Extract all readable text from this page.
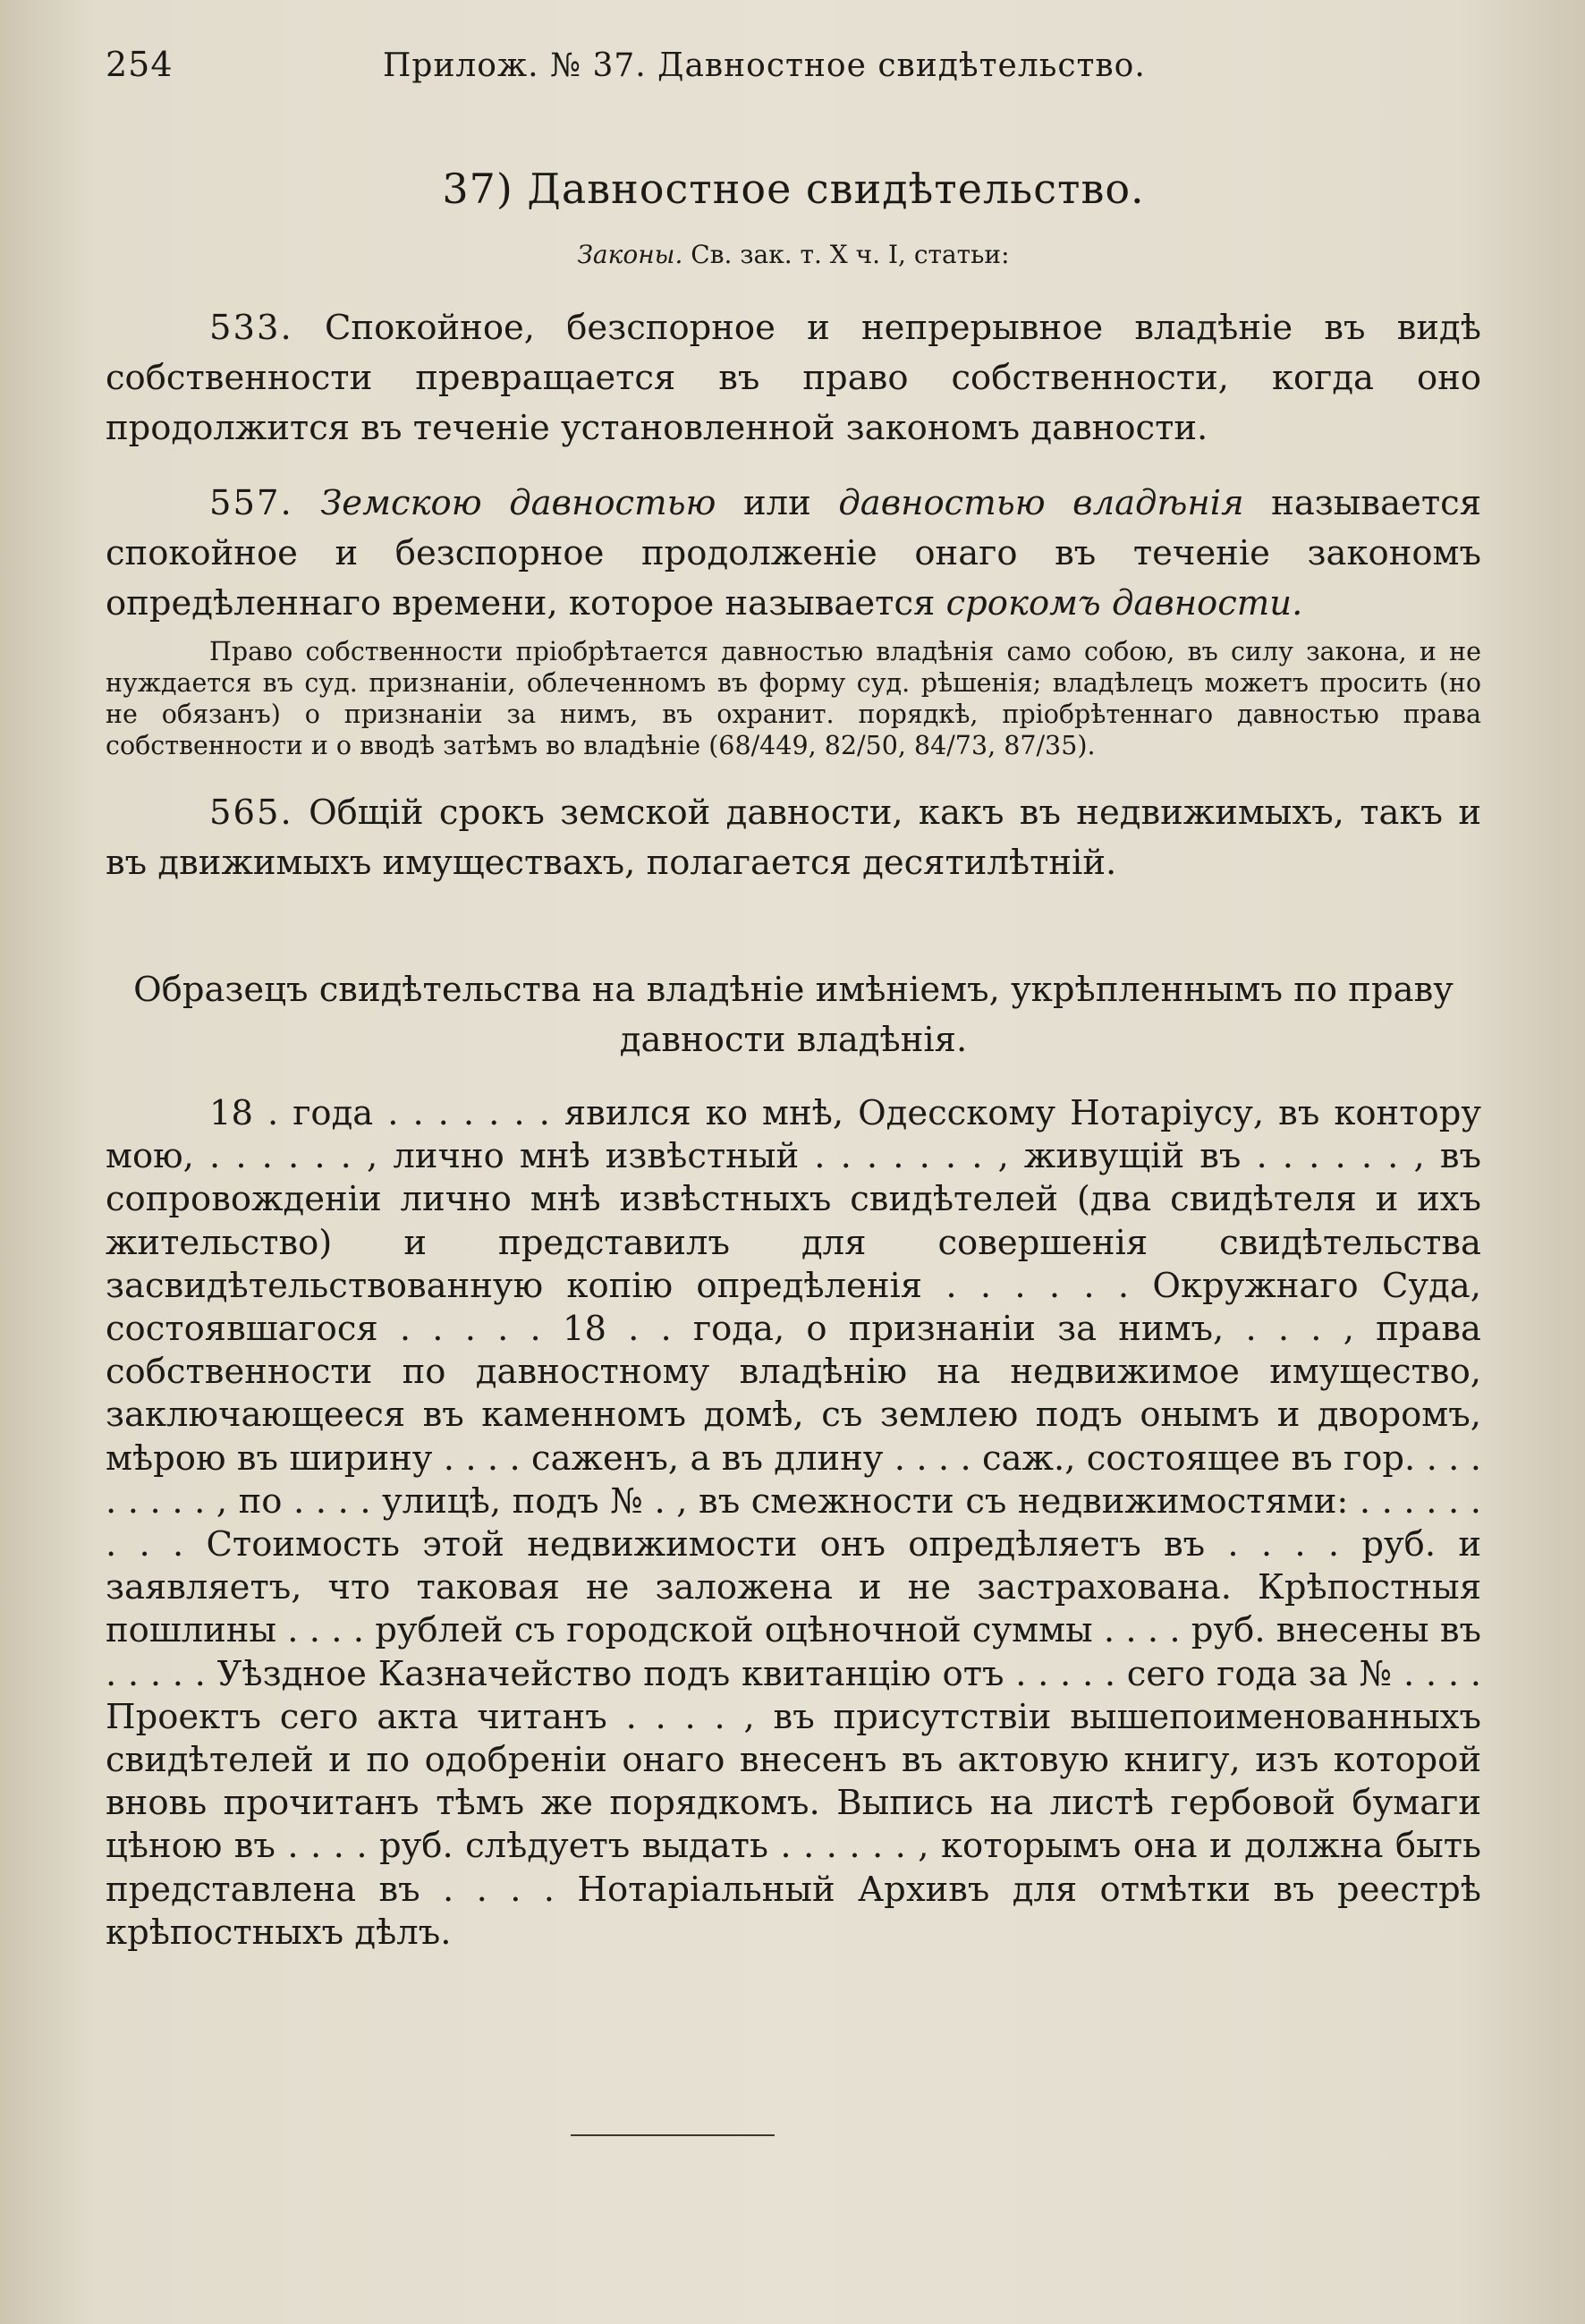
254	Прилож. № 37. Давностное свидѣтельство.
37) Давностное свидѣтельство.
Законы. Св. зак. т. X ч. I, статьи:

533. Спокойное, безспорное и непрерывное владѣніе въ видѣ собственности превращается въ право собственности, когда оно продолжится въ теченіе установленной закономъ давности.

557. Земскою давностью или давностью владѣнія называется спокойное и безспорное продолженіе онаго въ теченіе закономъ опредѣленнаго времени, которое называется срокомъ давности.

Право собственности пріобрѣтается давностью владѣнія само собою, въ силу закона, и не нуждается въ суд. признаніи, облеченномъ въ форму суд. рѣшенія; владѣлецъ можетъ просить (но не обязанъ) о признаніи за нимъ, въ охранит. порядкѣ, пріобрѣтеннаго давностью права собственности и о вводѣ затѣмъ во владѣніе (68/449, 82/50, 84/73, 87/35).

565. Общій срокъ земской давности, какъ въ недвижимыхъ, такъ и въ движимыхъ имуществахъ, полагается десятилѣтній.

Образецъ свидѣтельства на владѣніе имѣніемъ, укрѣпленнымъ по праву давности владѣнія.

18 . года . . . . . . . явился ко мнѣ, Одесскому Нотаріусу, въ контору мою, . . . . . . , лично мнѣ извѣстный . . . . . . . , живущій въ . . . . . . , въ сопровожденіи лично мнѣ извѣстныхъ свидѣтелей (два свидѣтеля и ихъ жительство) и представилъ для совершенія свидѣтельства засвидѣтельствованную копію опредѣленія . . . . . . Окружнаго Суда, состоявшагося . . . . . 18 . . года, о признаніи за нимъ, . . . , права собственности по давностному владѣнію на недвижимое имущество, заключающееся въ каменномъ домѣ, съ землею подъ онымъ и дворомъ, мѣрою въ ширину . . . . саженъ, а въ длину . . . . саж., состоящее въ гор. . . . . . . . . , по . . . . улицѣ, подъ № . , въ смежности съ недвижимостями: . . . . . . . . . Стоимость этой недвижимости онъ опредѣляетъ въ . . . . руб. и заявляетъ, что таковая не заложена и не застрахована. Крѣпостныя пошлины . . . . рублей съ городской оцѣночной суммы . . . . руб. внесены въ . . . . . Уѣздное Казначейство подъ квитанцію отъ . . . . . сего года за № . . . . Проектъ сего акта читанъ . . . . , въ присутствіи вышепоименованныхъ свидѣтелей и по одобреніи онаго внесенъ въ актовую книгу, изъ которой вновь прочитанъ тѣмъ же порядкомъ. Выпись на листѣ гербовой бумаги цѣною въ . . . . руб. слѣдуетъ выдать . . . . . . , которымъ она и должна быть представлена въ . . . . Нотаріальный Архивъ для отмѣтки въ реестрѣ крѣпостныхъ дѣлъ.
